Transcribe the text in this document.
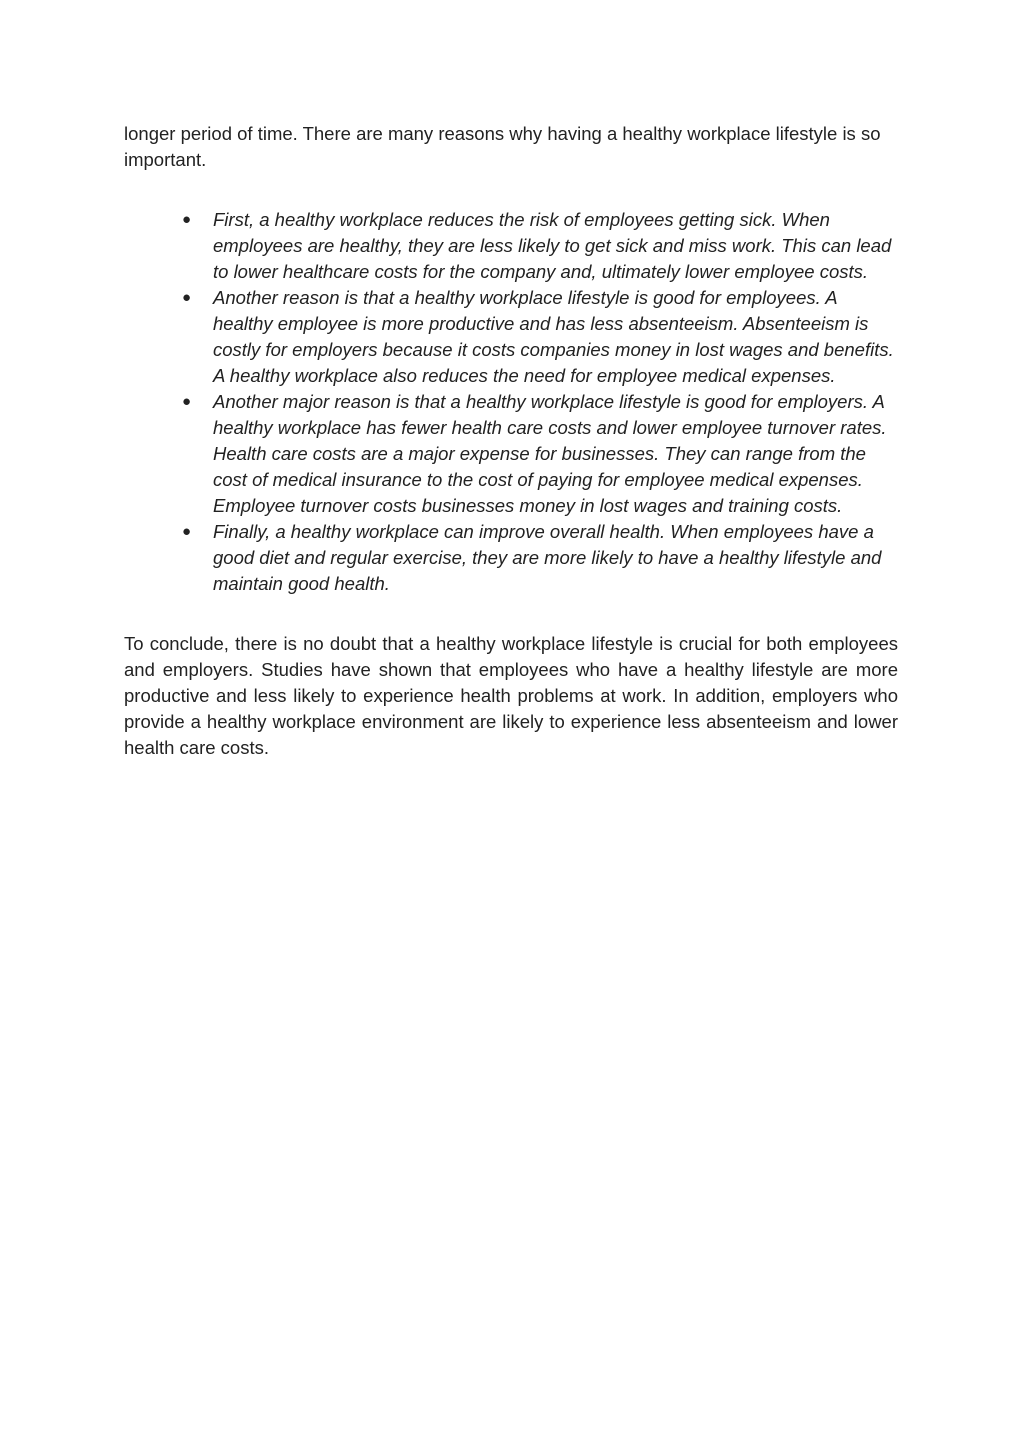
longer period of time. There are many reasons why having a healthy workplace lifestyle is so important.

● First, a healthy workplace reduces the risk of employees getting sick. When employees are healthy, they are less likely to get sick and miss work. This can lead to lower healthcare costs for the company and, ultimately lower employee costs.
● Another reason is that a healthy workplace lifestyle is good for employees. A healthy employee is more productive and has less absenteeism. Absenteeism is costly for employers because it costs companies money in lost wages and benefits. A healthy workplace also reduces the need for employee medical expenses.
● Another major reason is that a healthy workplace lifestyle is good for employers. A healthy workplace has fewer health care costs and lower employee turnover rates. Health care costs are a major expense for businesses. They can range from the cost of medical insurance to the cost of paying for employee medical expenses. Employee turnover costs businesses money in lost wages and training costs.
● Finally, a healthy workplace can improve overall health. When employees have a good diet and regular exercise, they are more likely to have a healthy lifestyle and maintain good health.

To conclude, there is no doubt that a healthy workplace lifestyle is crucial for both employees and employers. Studies have shown that employees who have a healthy lifestyle are more productive and less likely to experience health problems at work. In addition, employers who provide a healthy workplace environment are likely to experience less absenteeism and lower health care costs.
